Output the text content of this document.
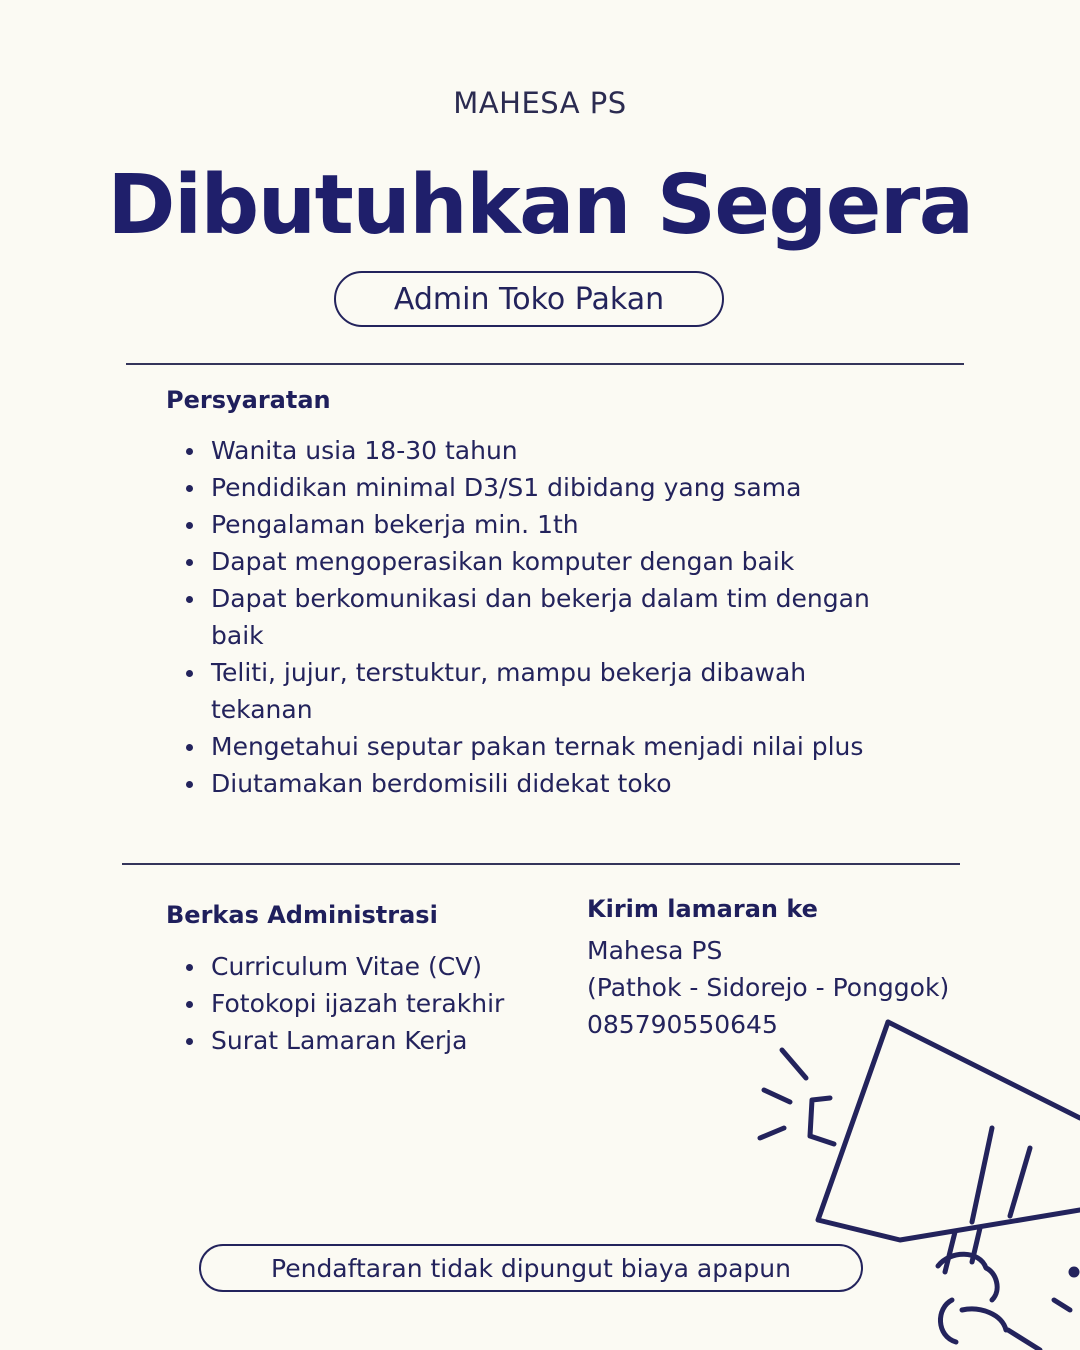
MAHESA PS
Dibutuhkan Segera
Admin Toko Pakan
Persyaratan
Wanita usia 18-30 tahun
Pendidikan minimal D3/S1 dibidang yang sama
Pengalaman bekerja min. 1th
Dapat mengoperasikan komputer dengan baik
Dapat berkomunikasi dan bekerja dalam tim dengan baik
Teliti, jujur, terstuktur, mampu bekerja dibawah tekanan
Mengetahui seputar pakan ternak menjadi nilai plus
Diutamakan berdomisili didekat toko
Berkas Administrasi
Curriculum Vitae (CV)
Fotokopi ijazah terakhir
Surat Lamaran Kerja
Kirim lamaran ke
Mahesa PS
(Pathok - Sidorejo - Ponggok)
085790550645
Pendaftaran tidak dipungut biaya apapun
